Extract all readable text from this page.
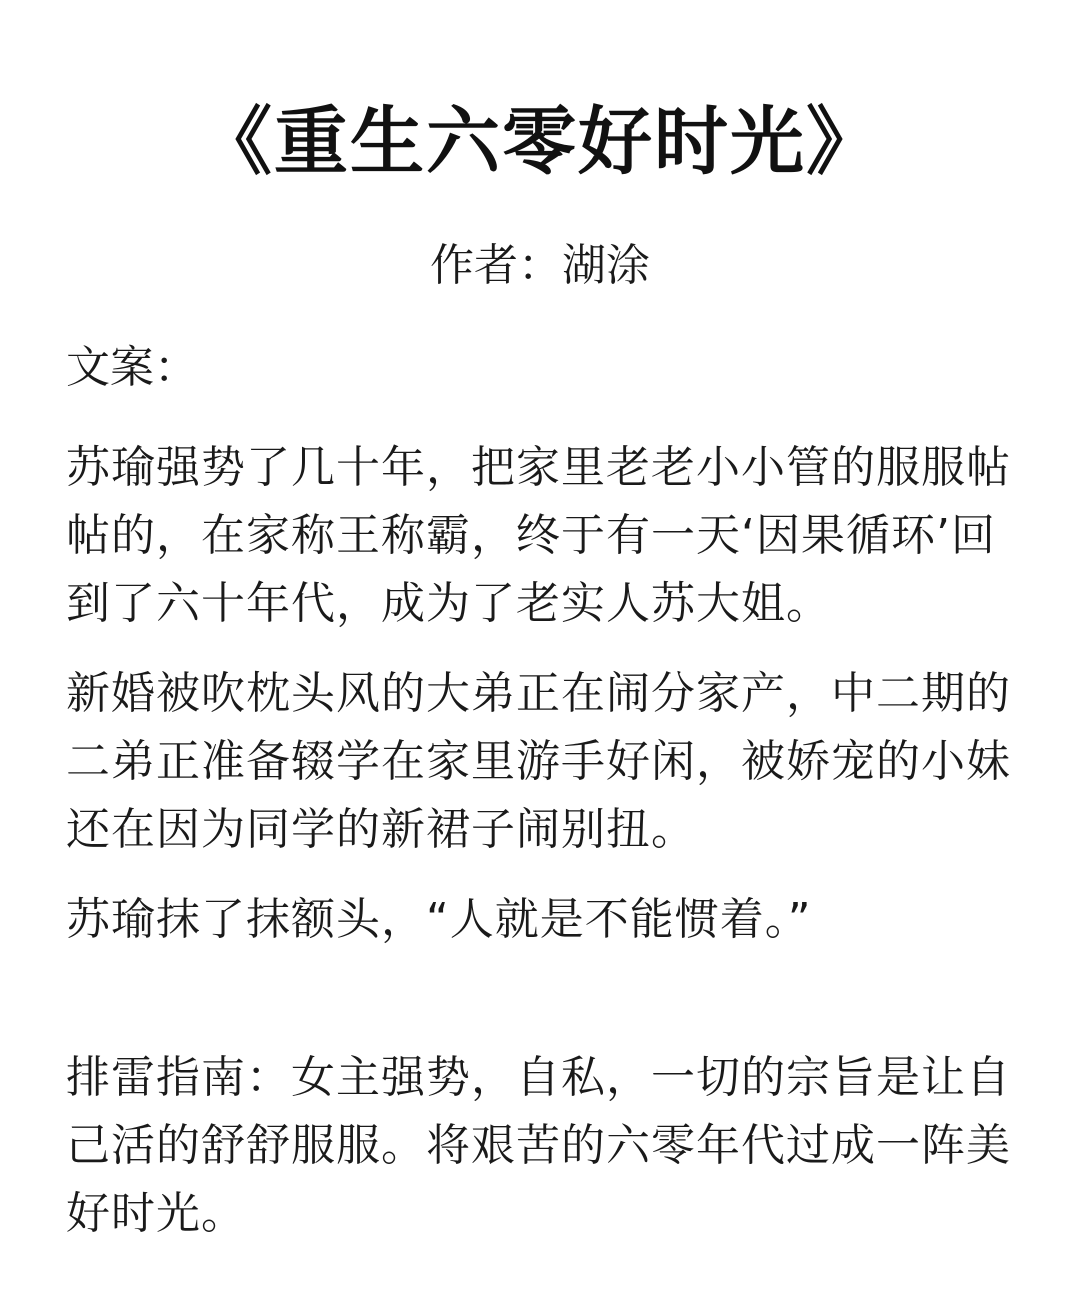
《重生六零好时光》
作者：湖涂
文案：
苏瑜强势了几十年，把家里老老小小管的服服帖
帖的，在家称王称霸，终于有一天‘因果循环’回
到了六十年代，成为了老实人苏大姐。
新婚被吹枕头风的大弟正在闹分家产，中二期的
二弟正准备辍学在家里游手好闲，被娇宠的小妹
还在因为同学的新裙子闹别扭。
苏瑜抹了抹额头，“人就是不能惯着。”
排雷指南：女主强势，自私，一切的宗旨是让自
己活的舒舒服服。将艰苦的六零年代过成一阵美
好时光。
